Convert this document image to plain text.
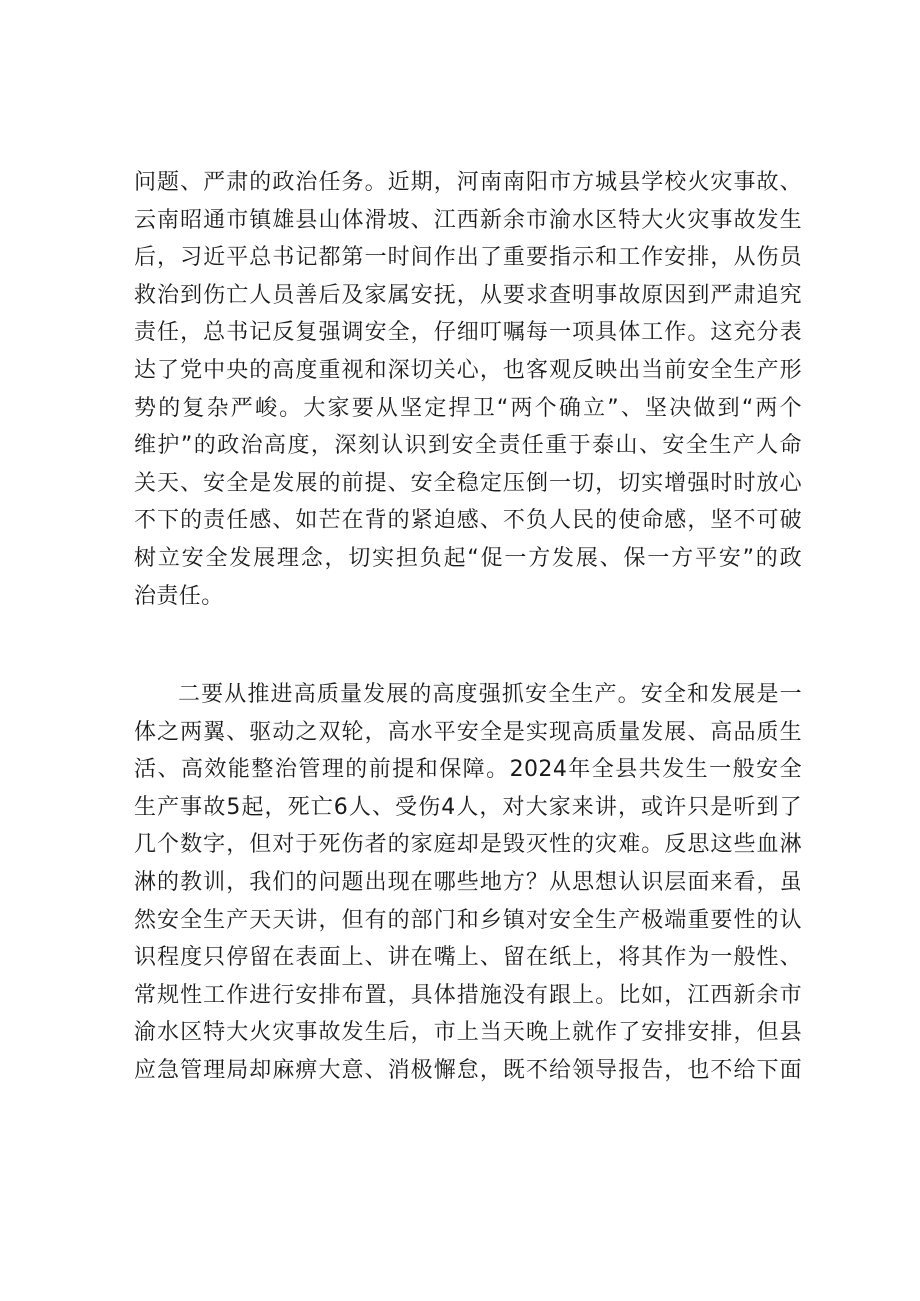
问题、严肃的政治任务。近期，河南南阳市方城县学校火灾事故、
云南昭通市镇雄县山体滑坡、江西新余市渝水区特大火灾事故发生
后，习近平总书记都第一时间作出了重要指示和工作安排，从伤员
救治到伤亡人员善后及家属安抚，从要求查明事故原因到严肃追究
责任，总书记反复强调安全，仔细叮嘱每一项具体工作。这充分表
达了党中央的高度重视和深切关心，也客观反映出当前安全生产形
势的复杂严峻。大家要从坚定捍卫“两个确立”、坚决做到“两个
维护”的政治高度，深刻认识到安全责任重于泰山、安全生产人命
关天、安全是发展的前提、安全稳定压倒一切，切实增强时时放心
不下的责任感、如芒在背的紧迫感、不负人民的使命感，坚不可破
树立安全发展理念，切实担负起“促一方发展、保一方平安”的政
治责任。
二要从推进高质量发展的高度强抓安全生产。安全和发展是一
体之两翼、驱动之双轮，高水平安全是实现高质量发展、高品质生
活、高效能整治管理的前提和保障。2024年全县共发生一般安全
生产事故5起，死亡6人、受伤4人，对大家来讲，或许只是听到了
几个数字，但对于死伤者的家庭却是毁灭性的灾难。反思这些血淋
淋的教训，我们的问题出现在哪些地方？从思想认识层面来看，虽
然安全生产天天讲，但有的部门和乡镇对安全生产极端重要性的认
识程度只停留在表面上、讲在嘴上、留在纸上，将其作为一般性、
常规性工作进行安排布置，具体措施没有跟上。比如，江西新余市
渝水区特大火灾事故发生后，市上当天晚上就作了安排安排，但县
应急管理局却麻痹大意、消极懈怠，既不给领导报告，也不给下面
